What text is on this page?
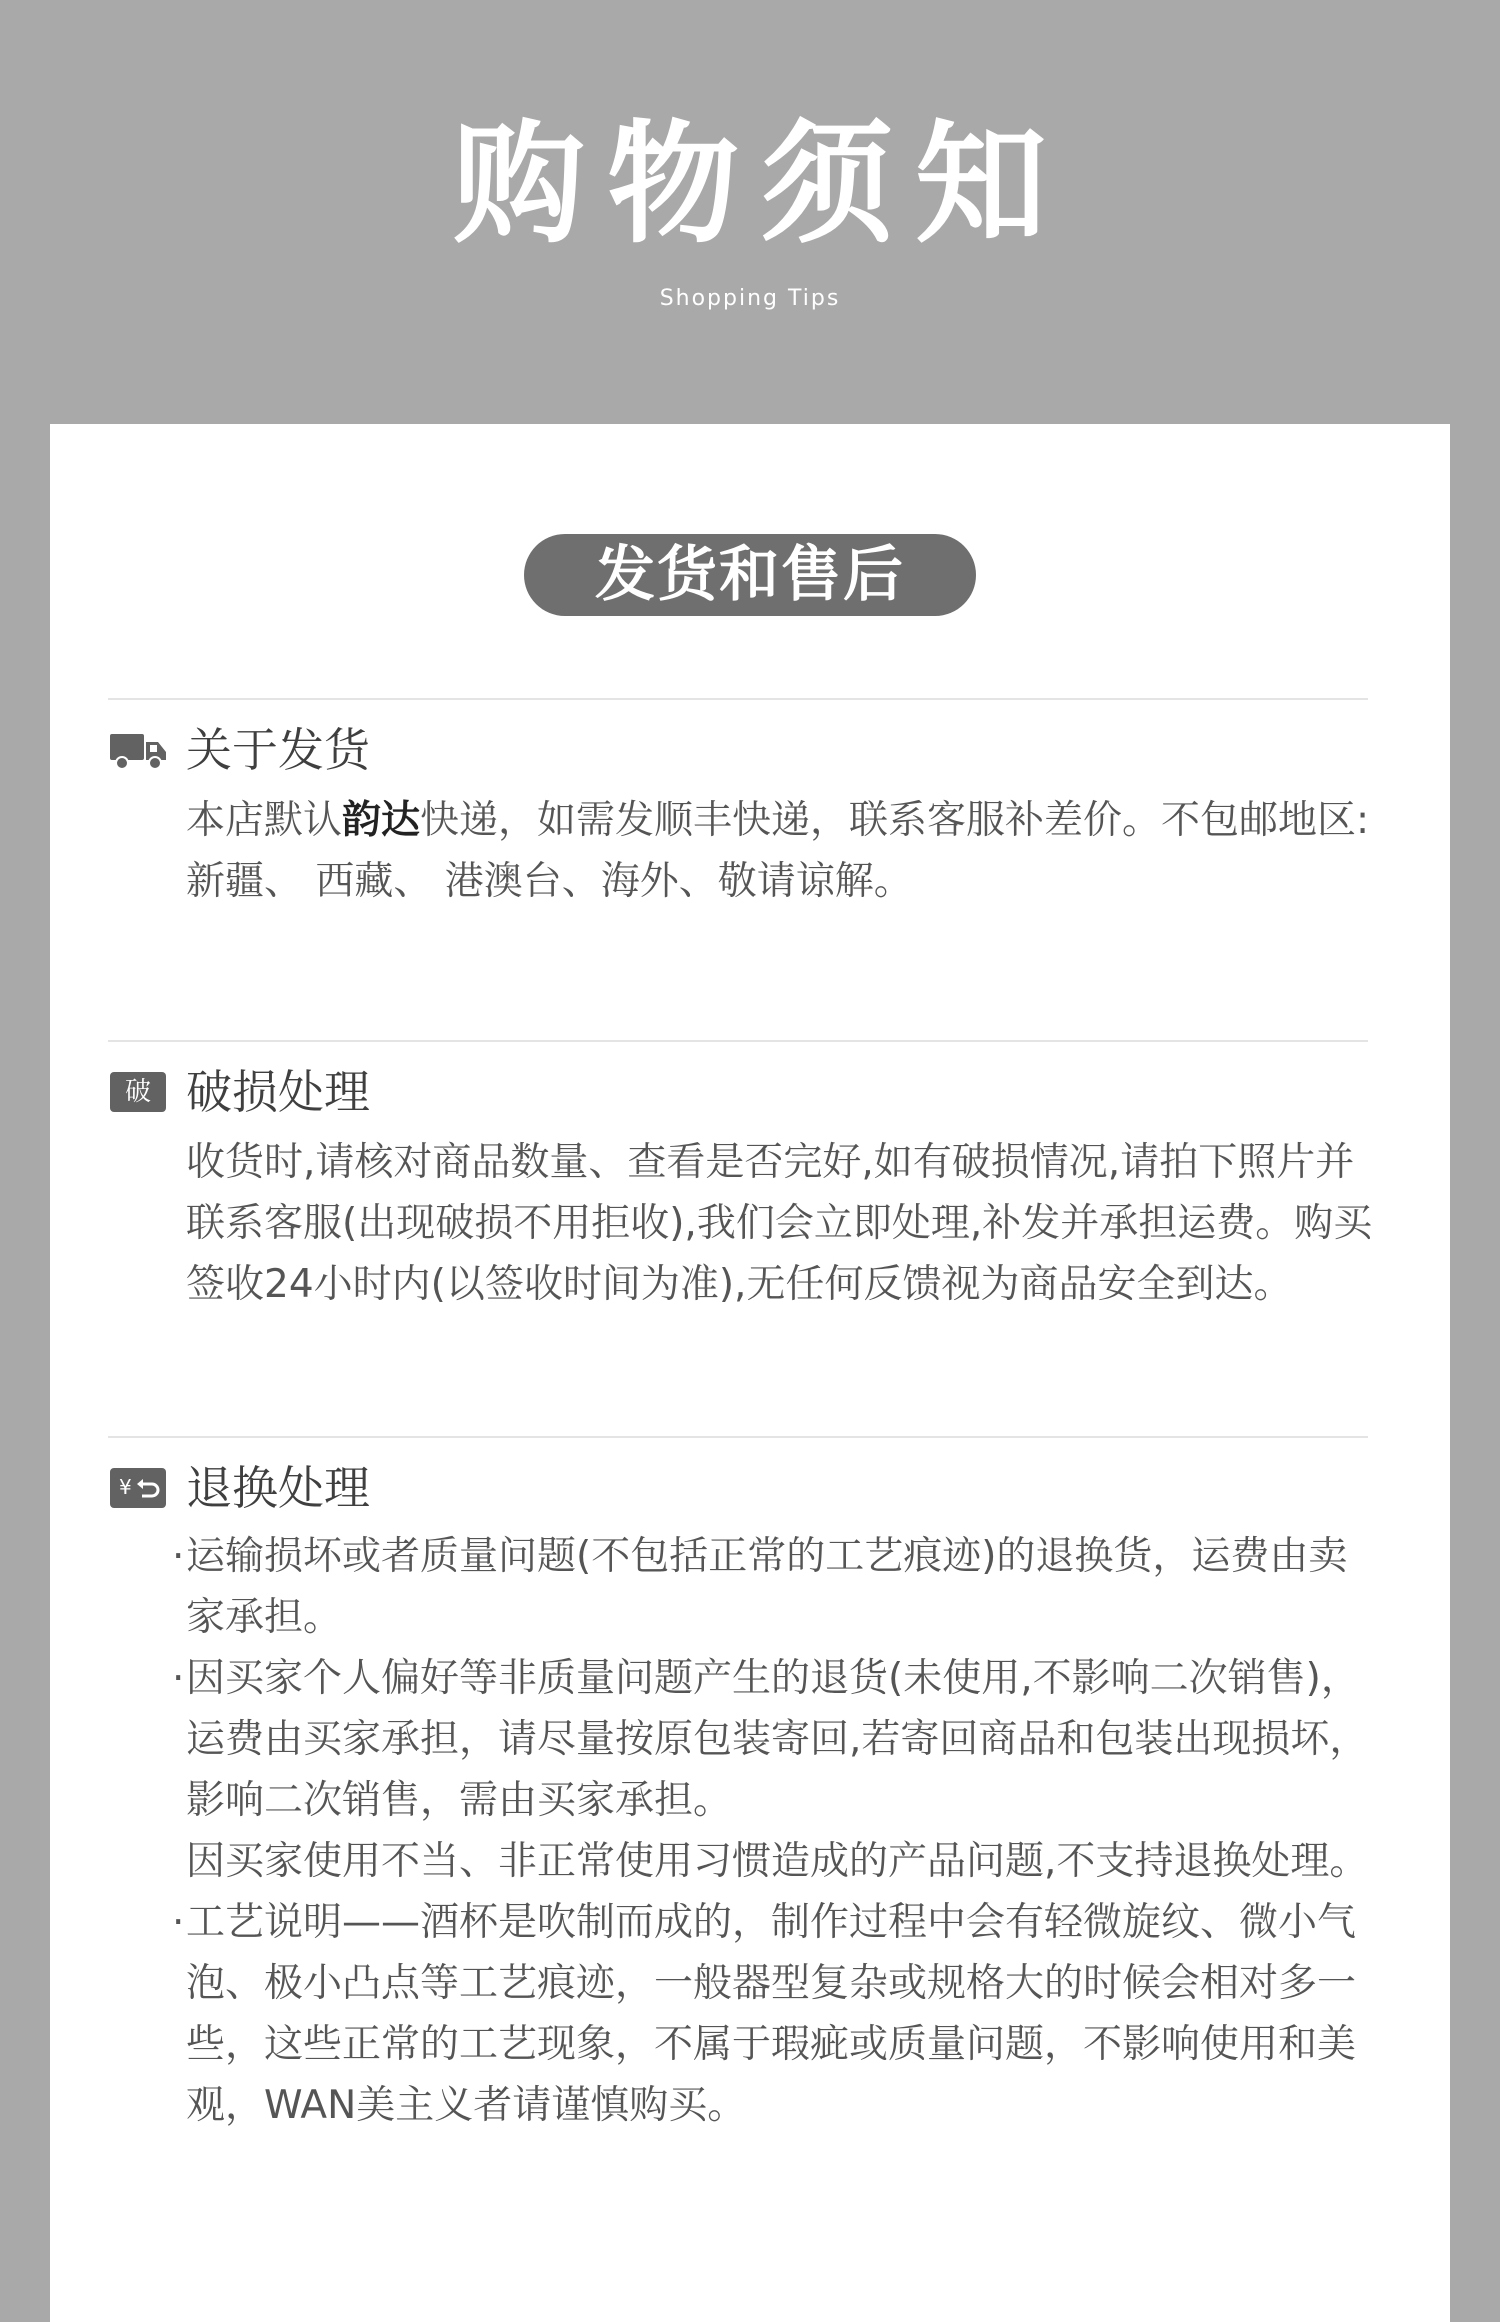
购物须知
Shopping Tips
发货和售后
关于发货
本店默认韵达快递，如需发顺丰快递，联系客服补差价。不包邮地区:新疆、 西藏、 港澳台、海外、敬请谅解。
破 破损处理
收货时,请核对商品数量、查看是否完好,如有破损情况,请拍下照片并联系客服(出现破损不用拒收),我们会立即处理,补发并承担运费。购买签收24小时内(以签收时间为准),无任何反馈视为商品安全到达。
¥ 退换处理
· 运输损坏或者质量问题(不包括正常的工艺痕迹)的退换货，运费由卖家承担。
· 因买家个人偏好等非质量问题产生的退货(未使用,不影响二次销售)，运费由买家承担，请尽量按原包装寄回,若寄回商品和包装出现损坏，影响二次销售，需由买家承担。
因买家使用不当、非正常使用习惯造成的产品问题,不支持退换处理。
· 工艺说明——酒杯是吹制而成的，制作过程中会有轻微旋纹、微小气泡、极小凸点等工艺痕迹，一般器型复杂或规格大的时候会相对多一些，这些正常的工艺现象，不属于瑕疵或质量问题，不影响使用和美观，WAN美主义者请谨慎购买。
